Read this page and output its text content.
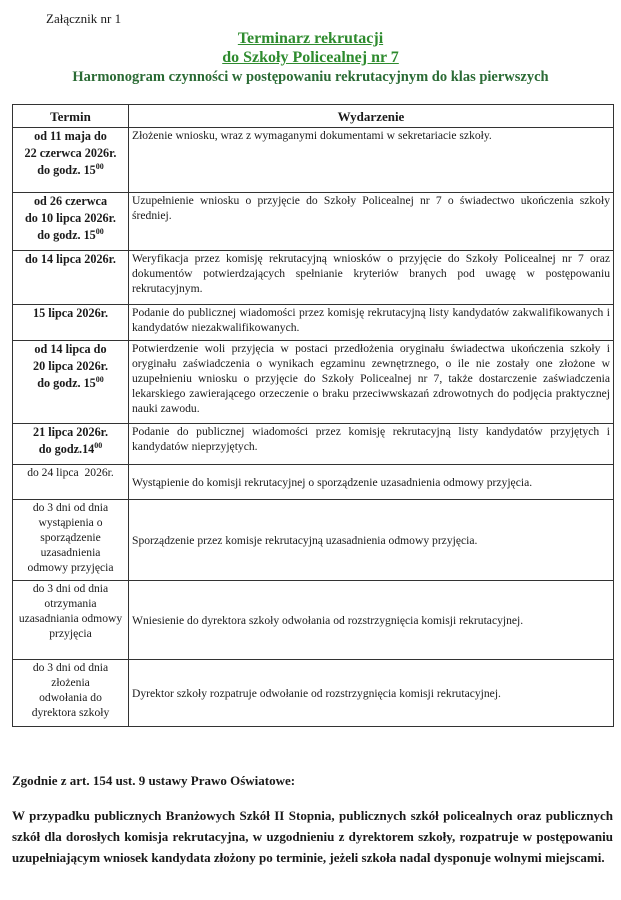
Załącznik nr 1
Terminarz rekrutacji
do Szkoły Policealnej nr 7
Harmonogram czynności w postępowaniu rekrutacyjnym do klas pierwszych
Termin	Wydarzenie
od 11 maja do
22 czerwca 2026r.
do godz. $15^{00}$	Złożenie wniosku, wraz z wymaganymi dokumentami w sekretariacie szkoły.
od 26 czerwca
do 10 lipca 2026r.
do godz. $15^{00}$	Uzupełnienie wniosku o przyjęcie do Szkoły Policealnej nr 7 o świadectwo ukończenia szkoły średniej.
do 14 lipca 2026r.	Weryfikacja przez komisję rekrutacyjną wniosków o przyjęcie do Szkoły Policealnej nr 7 oraz dokumentów potwierdzających spełnianie kryteriów branych pod uwagę w postępowaniu rekrutacyjnym.
15 lipca 2026r.	Podanie do publicznej wiadomości przez komisję rekrutacyjną listy kandydatów zakwalifikowanych i kandydatów niezakwalifikowanych.
od 14 lipca do
20 lipca 2026r.
do godz. $15^{00}$	Potwierdzenie woli przyjęcia w postaci przedłożenia oryginału świadectwa ukończenia szkoły i oryginału zaświadczenia o wynikach egzaminu zewnętrznego, o ile nie zostały one złożone w uzupełnieniu wniosku o przyjęcie do Szkoły Policealnej nr 7, także dostarczenie zaświadczenia lekarskiego zawierającego orzeczenie o braku przeciwwskazań zdrowotnych do podjęcia praktycznej nauki zawodu.
21 lipca 2026r.
do $godz.14^{00}$	Podanie do publicznej wiadomości przez komisję rekrutacyjną listy kandydatów przyjętych i kandydatów nieprzyjętych.
do 24 lipca  2026r.	Wystąpienie do komisji rekrutacyjnej o sporządzenie uzasadnienia odmowy przyjęcia.
do 3 dni od dnia
wystąpienia o
sporządzenie
uzasadnienia
odmowy przyjęcia	Sporządzenie przez komisje rekrutacyjną uzasadnienia odmowy przyjęcia.
do 3 dni od dnia
otrzymania
uzasadniania odmowy
przyjęcia	Wniesienie do dyrektora szkoły odwołania od rozstrzygnięcia komisji rekrutacyjnej.
do 3 dni od dnia
złożenia
odwołania do
dyrektora szkoły	Dyrektor szkoły rozpatruje odwołanie od rozstrzygnięcia komisji rekrutacyjnej.
Zgodnie z art. 154 ust. 9 ustawy Prawo Oświatowe:
W przypadku publicznych Branżowych Szkół II Stopnia, publicznych szkół policealnych oraz publicznych szkół dla dorosłych komisja rekrutacyjna, w uzgodnieniu z dyrektorem szkoły, rozpatruje w postępowaniu uzupełniającym wniosek kandydata złożony po terminie, jeżeli szkoła nadal dysponuje wolnymi miejscami.
